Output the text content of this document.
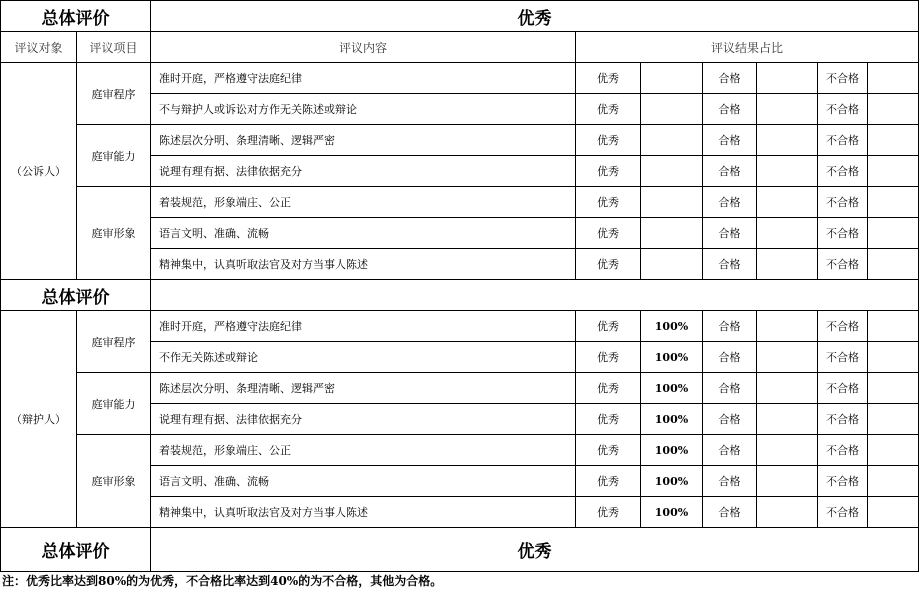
总体评价		优秀						
评议对象	评议项目	评议内容	评议结果占比					
（公诉人）	庭审程序	准时开庭，严格遵守法庭纪律	优秀		合格		不合格	
		不与辩护人或诉讼对方作无关陈述或辩论	优秀		合格		不合格	
	庭审能力	陈述层次分明、条理清晰、逻辑严密	优秀		合格		不合格	
		说理有理有据、法律依据充分	优秀		合格		不合格	
	庭审形象	着装规范，形象端庄、公正	优秀		合格		不合格	
		语言文明、准确、流畅	优秀		合格		不合格	
		精神集中，认真听取法官及对方当事人陈述	优秀		合格		不合格	
总体评价								
（辩护人）	庭审程序	准时开庭，严格遵守法庭纪律	优秀	100%	合格		不合格	
		不作无关陈述或辩论	优秀	100%	合格		不合格	
	庭审能力	陈述层次分明、条理清晰、逻辑严密	优秀	100%	合格		不合格	
		说理有理有据、法律依据充分	优秀	100%	合格		不合格	
	庭审形象	着装规范，形象端庄、公正	优秀	100%	合格		不合格	
		语言文明、准确、流畅	优秀	100%	合格		不合格	
		精神集中，认真听取法官及对方当事人陈述	优秀	100%	合格		不合格	
总体评价		优秀						
注：优秀比率达到80%的为优秀，不合格比率达到40%的为不合格，其他为合格。
